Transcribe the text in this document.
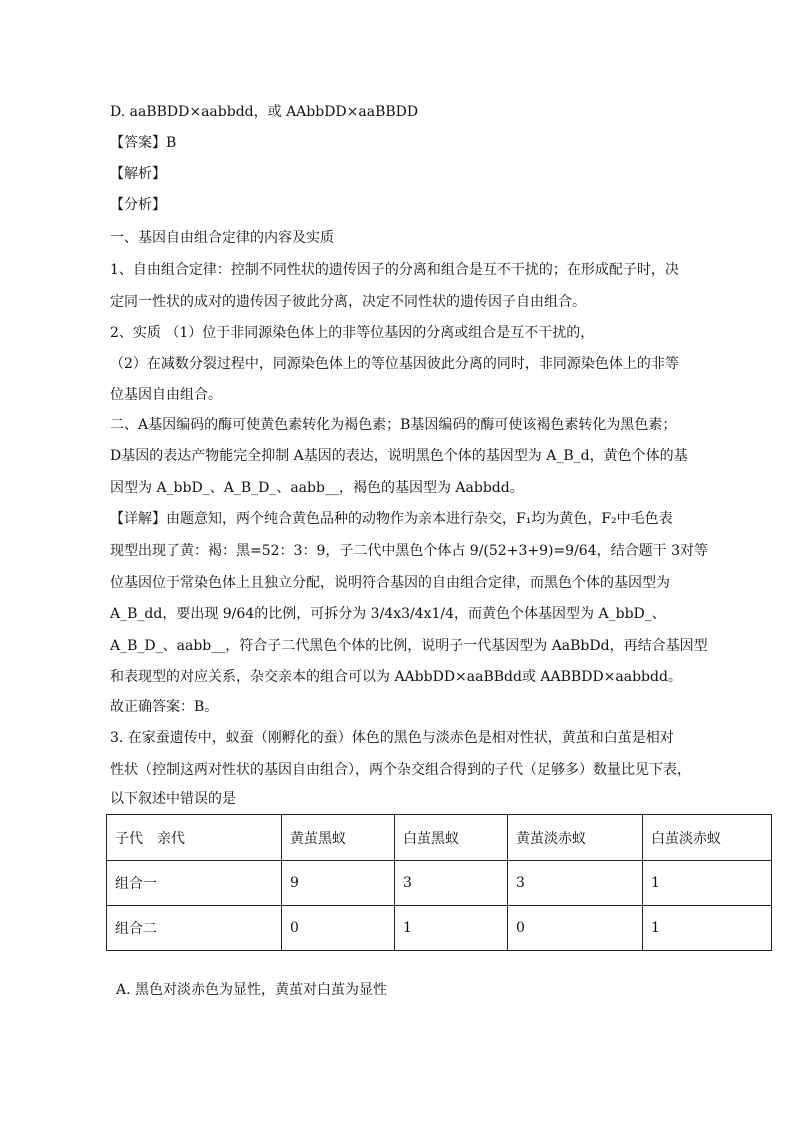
D. aaBBDD×aabbdd，或 AAbbDD×aaBBDD
【答案】B
【解析】
【分析】
一、基因自由组合定律的内容及实质
1、自由组合定律：控制不同性状的遗传因子的分离和组合是互不干扰的；在形成配子时，决
定同一性状的成对的遗传因子彼此分离，决定不同性状的遗传因子自由组合。
2、实质 （1）位于非同源染色体上的非等位基因的分离或组合是互不干扰的，
（2）在减数分裂过程中，同源染色体上的等位基因彼此分离的同时，非同源染色体上的非等
位基因自由组合。
二、A基因编码的酶可使黄色素转化为褐色素；B基因编码的酶可使该褐色素转化为黑色素；
D基因的表达产物能完全抑制 A基因的表达，说明黑色个体的基因型为 A_B_d，黄色个体的基
因型为 A_bbD_、A_B_D_、aabb__，褐色的基因型为 Aabbdd。
【详解】由题意知，两个纯合黄色品种的动物作为亲本进行杂交，F₁均为黄色，F₂中毛色表
现型出现了黄：褐：黑=52：3：9，子二代中黑色个体占 9/(52+3+9)=9/64，结合题干 3对等
位基因位于常染色体上且独立分配，说明符合基因的自由组合定律，而黑色个体的基因型为
A_B_dd，要出现 9/64的比例，可拆分为 3/4x3/4x1/4，而黄色个体基因型为 A_bbD_、
A_B_D_、aabb__，符合子二代黑色个体的比例，说明子一代基因型为 AaBbDd，再结合基因型
和表现型的对应关系，杂交亲本的组合可以为 AAbbDD×aaBBdd或 AABBDD×aabbdd。
故正确答案：B。
3. 在家蚕遗传中，蚁蚕（刚孵化的蚕）体色的黑色与淡赤色是相对性状，黄茧和白茧是相对
性状（控制这两对性状的基因自由组合），两个杂交组合得到的子代（足够多）数量比见下表，
以下叙述中错误的是
子代　亲代	黄茧黑蚁	白茧黑蚁	黄茧淡赤蚁	白茧淡赤蚁
组合一	9	3	3	1
组合二	0	1	0	1
A. 黑色对淡赤色为显性，黄茧对白茧为显性
